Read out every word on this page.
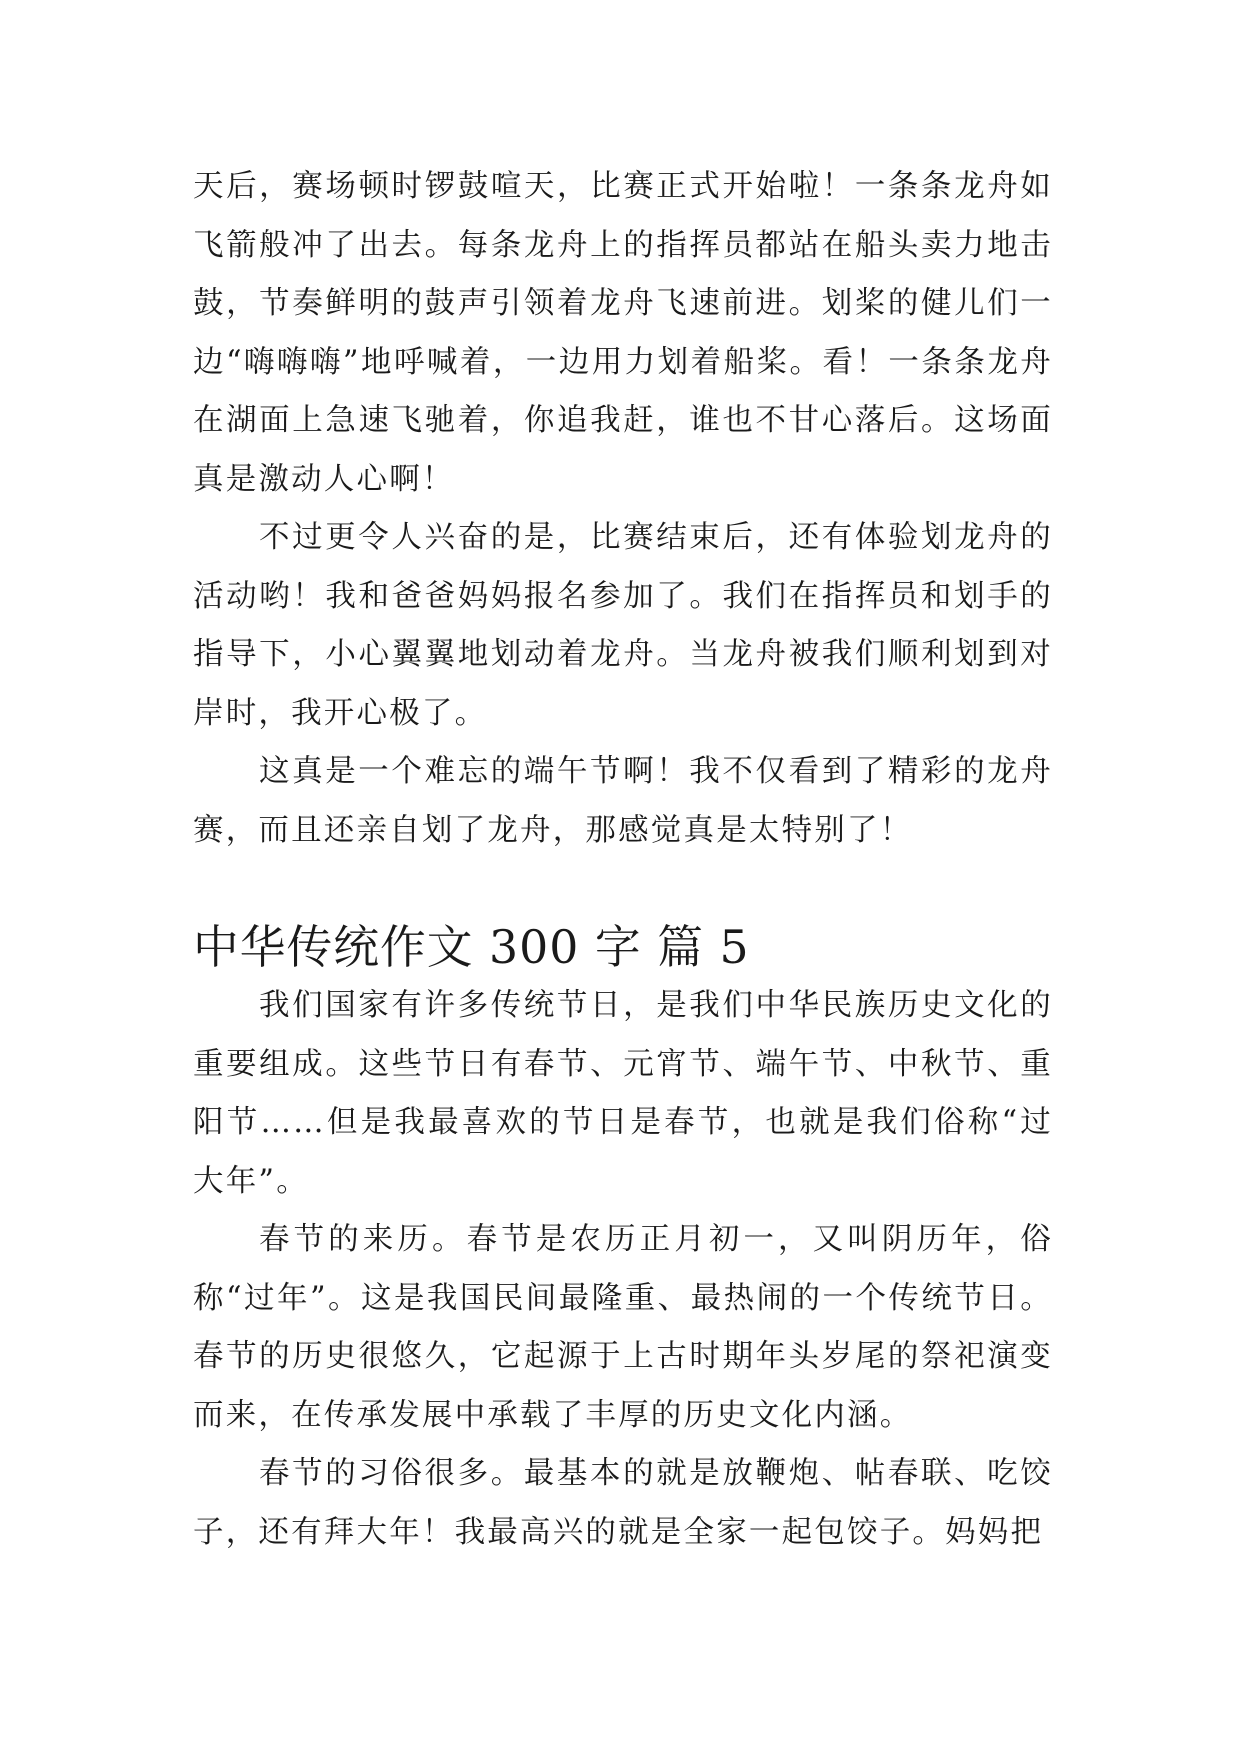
天后，赛场顿时锣鼓喧天，比赛正式开始啦！一条条龙舟如飞箭般冲了出去。每条龙舟上的指挥员都站在船头卖力地击鼓，节奏鲜明的鼓声引领着龙舟飞速前进。划桨的健儿们一边“嗨嗨嗨”地呼喊着，一边用力划着船桨。看！一条条龙舟在湖面上急速飞驰着，你追我赶，谁也不甘心落后。这场面真是激动人心啊！

不过更令人兴奋的是，比赛结束后，还有体验划龙舟的活动哟！我和爸爸妈妈报名参加了。我们在指挥员和划手的指导下，小心翼翼地划动着龙舟。当龙舟被我们顺利划到对岸时，我开心极了。

这真是一个难忘的端午节啊！我不仅看到了精彩的龙舟赛，而且还亲自划了龙舟，那感觉真是太特别了！

中华传统作文 300 字 篇 5

我们国家有许多传统节日，是我们中华民族历史文化的重要组成。这些节日有春节、元宵节、端午节、中秋节、重阳节……但是我最喜欢的节日是春节，也就是我们俗称“过大年”。

春节的来历。春节是农历正月初一，又叫阴历年，俗称“过年”。这是我国民间最隆重、最热闹的一个传统节日。春节的历史很悠久，它起源于上古时期年头岁尾的祭祀演变而来，在传承发展中承载了丰厚的历史文化内涵。

春节的习俗很多。最基本的就是放鞭炮、帖春联、吃饺子，还有拜大年！我最高兴的就是全家一起包饺子。妈妈把
